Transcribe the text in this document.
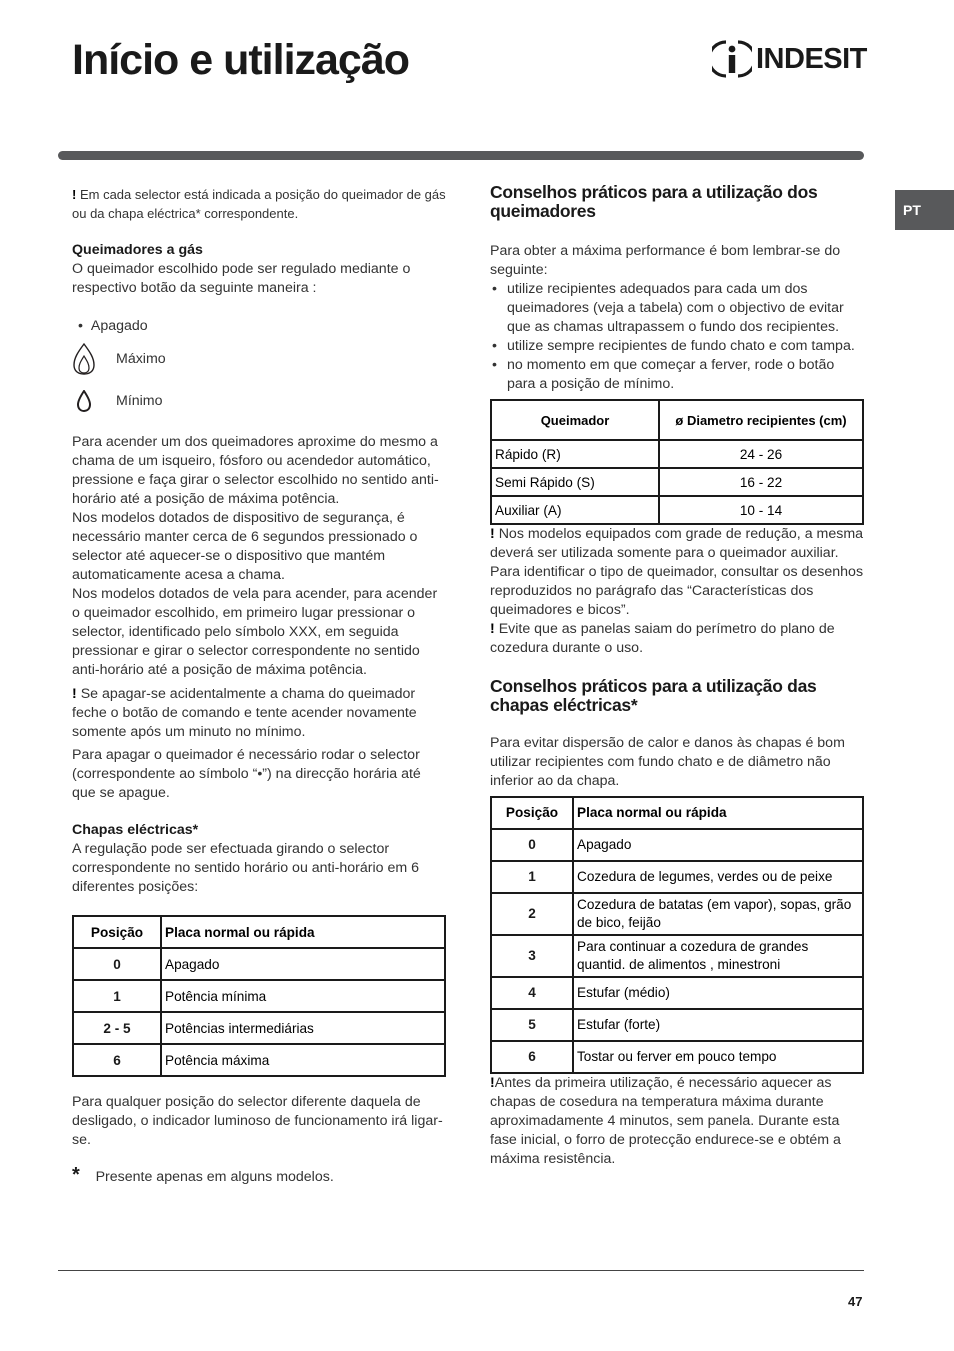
Início e utilização	INDESIT
PT

! Em cada selector está indicada a posição do queimador de gás ou da chapa eléctrica* correspondente.

Queimadores a gás

O queimador escolhido pode ser regulado mediante o respectivo botão da seguinte maneira :

• Apagado
Máximo
Mínimo

Para acender um dos queimadores aproxime do mesmo a chama de um isqueiro, fósforo ou acendedor automático, pressione e faça girar o selector escolhido no sentido anti-horário até a posição de máxima potência.

Nos modelos dotados de dispositivo de segurança, é necessário manter cerca de 6 segundos pressionado o selector até aquecer-se o dispositivo que mantém automaticamente acesa a chama.

Nos modelos dotados de vela para acender, para acender o queimador escolhido, em primeiro lugar pressionar o selector, identificado pelo símbolo XXX, em seguida pressionar e girar o selector correspondente no sentido anti-horário até a posição de máxima potência.

! Se apagar-se acidentalmente a chama do queimador feche o botão de comando e tente acender novamente somente após um minuto no mínimo.

Para apagar o queimador é necessário rodar o selector (correspondente ao símbolo “•”) na direcção horária até que se apague.

Chapas eléctricas*

A regulação pode ser efectuada girando o selector correspondente no sentido horário ou anti-horário em 6 diferentes posições:

Posição	Placa normal ou rápida
0	Apagado
1	Potência mínima
2 - 5	Potências intermediárias
6	Potência máxima

Para qualquer posição do selector diferente daquela de desligado, o indicador luminoso de funcionamento irá ligar-se.

* Presente apenas em alguns modelos.

Conselhos práticos para a utilização dos queimadores

Para obter a máxima performance é bom lembrar-se do seguinte:

• utilize recipientes adequados para cada um dos queimadores (veja a tabela) com o objectivo de evitar que as chamas ultrapassem o fundo dos recipientes.
• utilize sempre recipientes de fundo chato e com tampa.
• no momento em que começar a ferver, rode o botão para a posição de mínimo.
Queimador	ø Diametro recipientes (cm)
Rápido (R)	24 - 26
Semi Rápido (S)	16 - 22
Auxiliar (A)	10 - 14

! Nos modelos equipados com grade de redução, a mesma deverá ser utilizada somente para o queimador auxiliar.

Para identificar o tipo de queimador, consultar os desenhos reproduzidos no parágrafo das “Características dos queimadores e bicos”.

! Evite que as panelas saiam do perímetro do plano de cozedura durante o uso.

Conselhos práticos para a utilização das chapas eléctricas*

Para evitar dispersão de calor e danos às chapas é bom utilizar recipientes com fundo chato e de diâmetro não inferior ao da chapa.

Posição	Placa normal ou rápida
0	Apagado
1	Cozedura de legumes, verdes ou de peixe
2	Cozedura de batatas (em vapor), sopas, grão de bico, feijão
3	Para continuar a cozedura de grandes quantid. de alimentos , minestroni
4	Estufar (médio)
5	Estufar (forte)
6	Tostar ou ferver em pouco tempo

!Antes da primeira utilização, é necessário aquecer as chapas de cosedura na temperatura máxima durante aproximadamente 4 minutos, sem panela. Durante esta fase inicial, o forro de protecção endurece-se e obtém a máxima resistência.

47
